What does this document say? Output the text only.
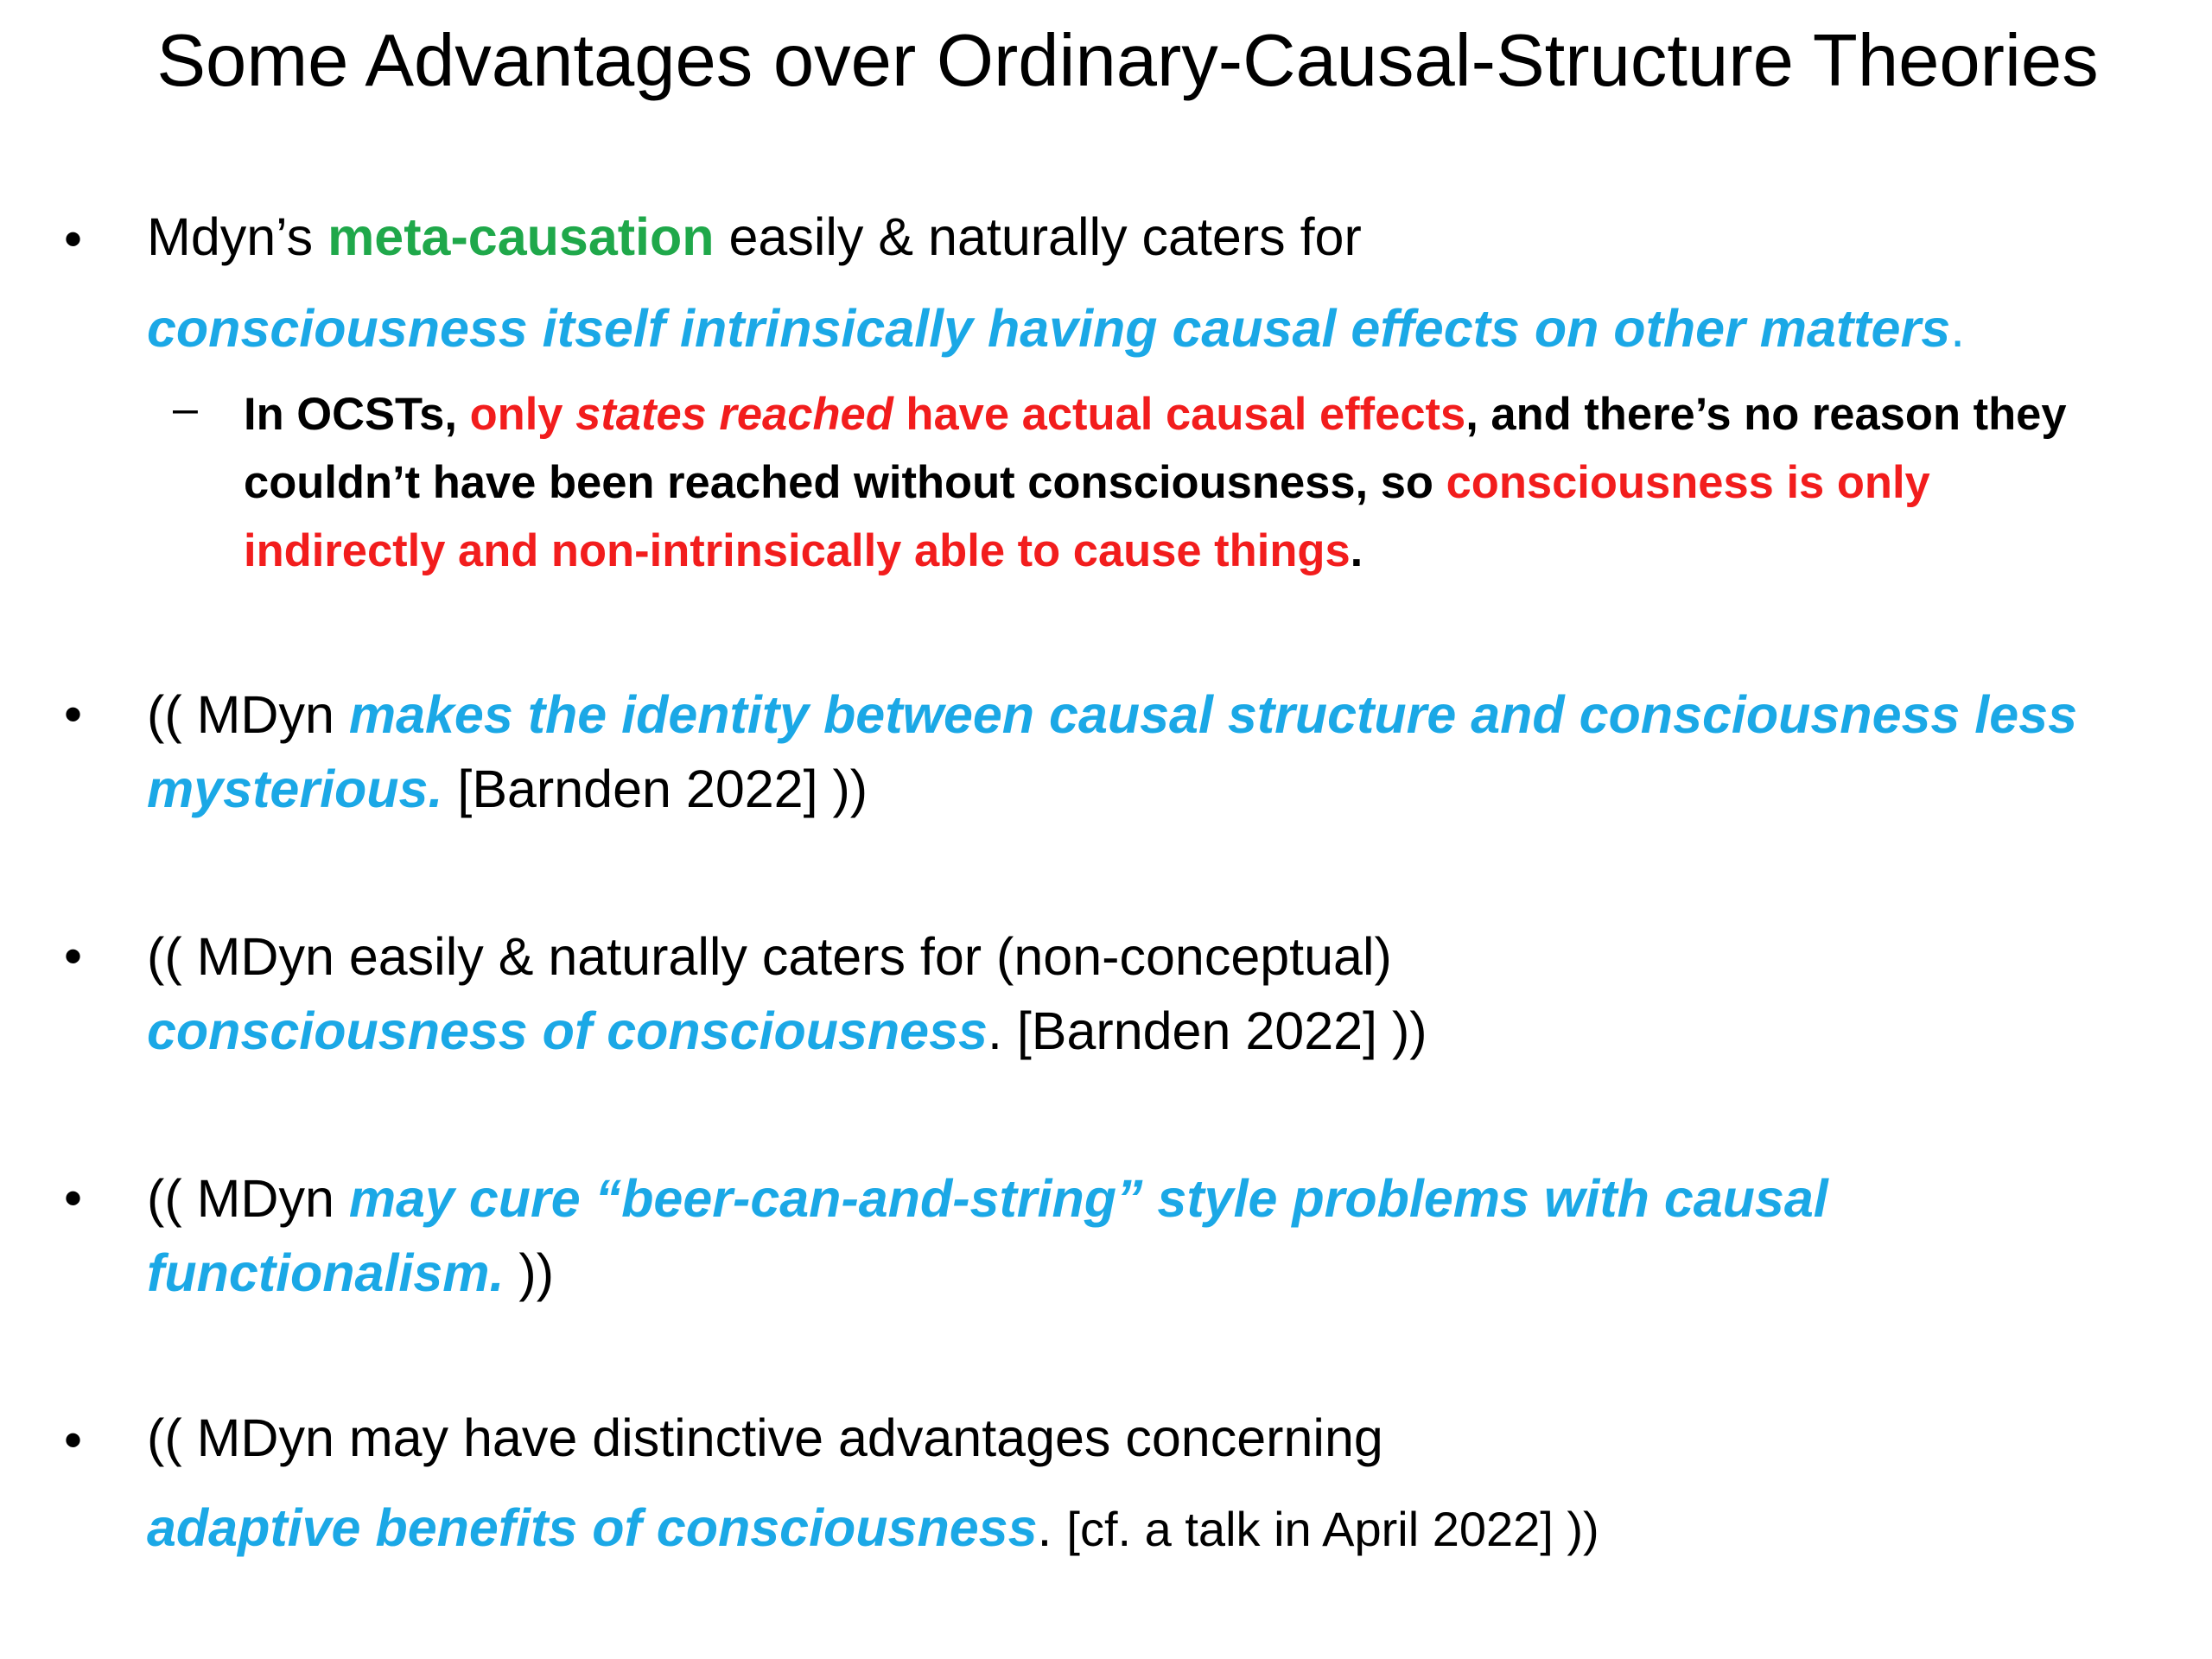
Some Advantages over Ordinary-Causal-Structure Theories
• Mdyn’s meta-causation easily & naturally caters for
consciousness itself intrinsically having causal effects on other matters.
– In OCSTs, only states reached have actual causal effects, and there’s no reason they
couldn’t have been reached without consciousness, so consciousness is only
indirectly and non-intrinsically able to cause things.
• (( MDyn makes the identity between causal structure and consciousness less
mysterious. [Barnden 2022] ))
• (( MDyn easily & naturally caters for (non-conceptual)
consciousness of consciousness. [Barnden 2022] ))
• (( MDyn may cure “beer-can-and-string” style problems with causal
functionalism. ))
• (( MDyn may have distinctive advantages concerning
adaptive benefits of consciousness. [cf. a talk in April 2022] ))
